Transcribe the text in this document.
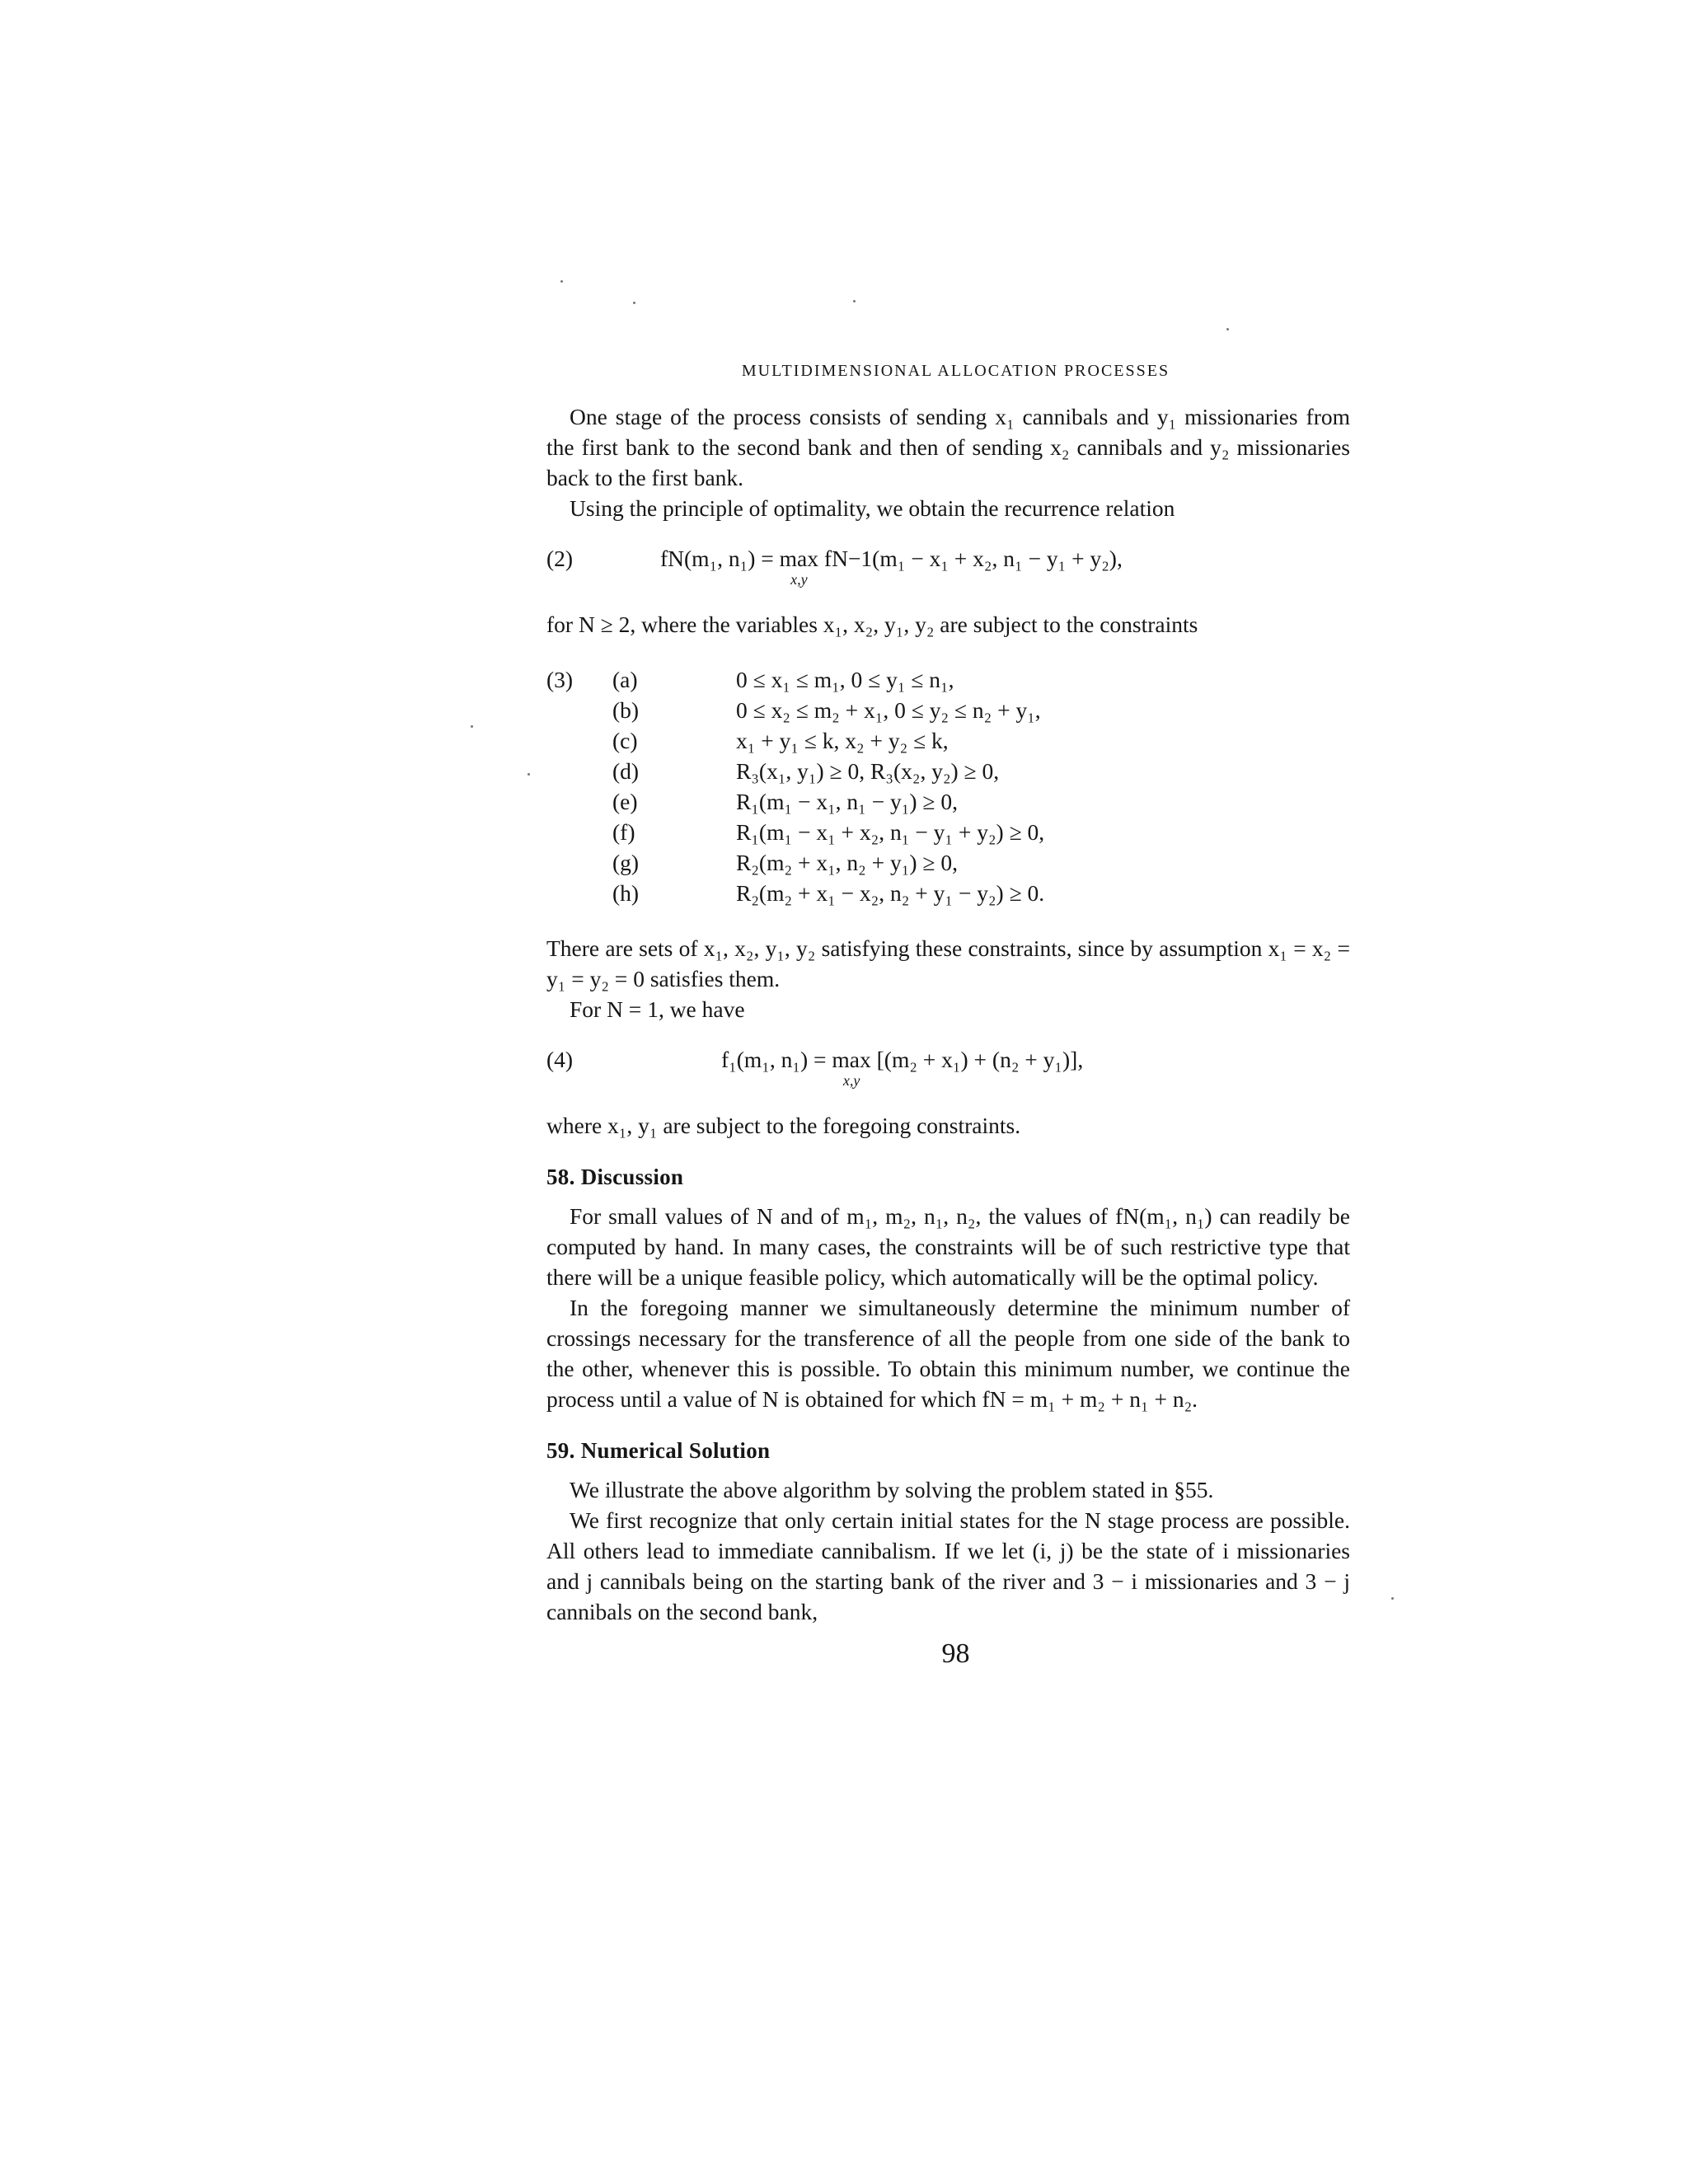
MULTIDIMENSIONAL ALLOCATION PROCESSES

One stage of the process consists of sending x₁ cannibals and y₁ missionaries from the first bank to the second bank and then of sending x₂ cannibals and y₂ missionaries back to the first bank.

Using the principle of optimality, we obtain the recurrence relation

(2)	fN(m₁, n₁) = max
x,y
fN−1(m₁ − x₁ + x₂, n₁ − y₁ + y₂),

for N ≥ 2, where the variables x₁, x₂, y₁, y₂ are subject to the constraints

(3) (a)	0 ≤ x₁ ≤ m₁, 0 ≤ y₁ ≤ n₁,
(b)	0 ≤ x₂ ≤ m₂ + x₁, 0 ≤ y₂ ≤ n₂ + y₁,
(c)	x₁ + y₁ ≤ k, x₂ + y₂ ≤ k,
(d)	R₃(x₁, y₁) ≥ 0, R₃(x₂, y₂) ≥ 0,
(e)	R₁(m₁ − x₁, n₁ − y₁) ≥ 0,
(f)	R₁(m₁ − x₁ + x₂, n₁ − y₁ + y₂) ≥ 0,
(g)	R₂(m₂ + x₁, n₂ + y₁) ≥ 0,
(h)	R₂(m₂ + x₁ − x₂, n₂ + y₁ − y₂) ≥ 0.

There are sets of x₁, x₂, y₁, y₂ satisfying these constraints, since by assumption x₁ = x₂ = y₁ = y₂ = 0 satisfies them.

For N = 1, we have

(4)	f₁(m₁, n₁) = max
x,y
[(m₂ + x₁) + (n₂ + y₁)],

where x₁, y₁ are subject to the foregoing constraints.

58. Discussion

For small values of N and of m₁, m₂, n₁, n₂, the values of fN(m₁, n₁) can readily be computed by hand. In many cases, the constraints will be of such restrictive type that there will be a unique feasible policy, which automatically will be the optimal policy.

In the foregoing manner we simultaneously determine the minimum number of crossings necessary for the transference of all the people from one side of the bank to the other, whenever this is possible. To obtain this minimum number, we continue the process until a value of N is obtained for which fN = m₁ + m₂ + n₁ + n₂.

59. Numerical Solution

We illustrate the above algorithm by solving the problem stated in §55.

We first recognize that only certain initial states for the N stage process are possible. All others lead to immediate cannibalism. If we let (i, j) be the state of i missionaries and j cannibals being on the starting bank of the river and 3 − i missionaries and 3 − j cannibals on the second bank,

98
